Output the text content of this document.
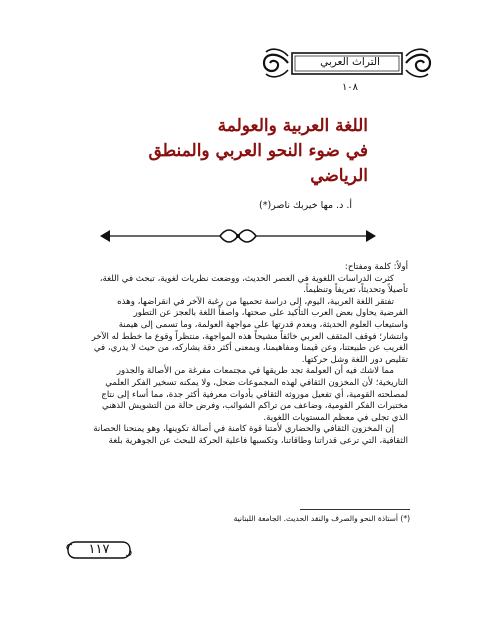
التراث العربي
١٠٨
اللغة العربية والعولمة
في ضوء النحو العربي والمنطق
الرياضي
أ. د. مها خيربك ناصر(*)

أولاً: كلمة ومفتاح:

كثرت الدراسات اللغوية في العصر الحديث، ووضعت نظريات لغوية، تبحث في اللغة،

تأصيلاً وتحديثاً، تعريفاً وتنظيماً.

تفتقر اللغة العربية، اليوم، إلى دراسة تحميها من رغبة الآخر في انقراضها، وهذه

الفرضية يحاول بعض العرب التأكيد على صحتها، واصفاً اللغة بالعجز عن التطور

واستيعاب العلوم الحديثة، وبعدم قدرتها على مواجهة العولمة، وما تسمى إلى هيمنة

وانتشار؛ فوقف المثقف العربي خائفاً مشيحاً هذه المواجهة، منتظراً وقوع ما خطط له الآخر

الغريب عن طبيعتنا، وعن قيمنا ومفاهيمنا، وبمعنى أكثر دقة يشاركه، من حيث لا يدري، في

تقليص دور اللغة وشل حركتها.

مما لاشك فيه أن العولمة تجد طريقها في مجتمعات مفرغة من الأصالة والجذور

التاريخية؛ لأن المخزون الثقافي لهذه المجموعات ضحل، ولا يمكنه تسخير الفكر العلمي

لمصلحته القومية، أي تفعيل موروثه الثقافي بأدوات معرفية أكثر جدة، مما أساء إلى نتاج

مختبرات الفكر القومية، وضاعف من تراكم الشوائب، وفرض حالة من التشويش الذهني

الذي تجلى في معظم المستويات اللغوية.

إن المخزون الثقافي والحضاري لأمتنا قوة كامنة في أصالة تكوينها، وهو يمنحنا الحصانة

الثقافية، التي ترعى قدراتنا وطاقاتنا، وتكسبها فاعلية الحركة للبحث عن الجوهرية بلغة

(*) أستاذة النحو والصرف والنقد الحديث. الجامعة اللبنانية
١١٧
